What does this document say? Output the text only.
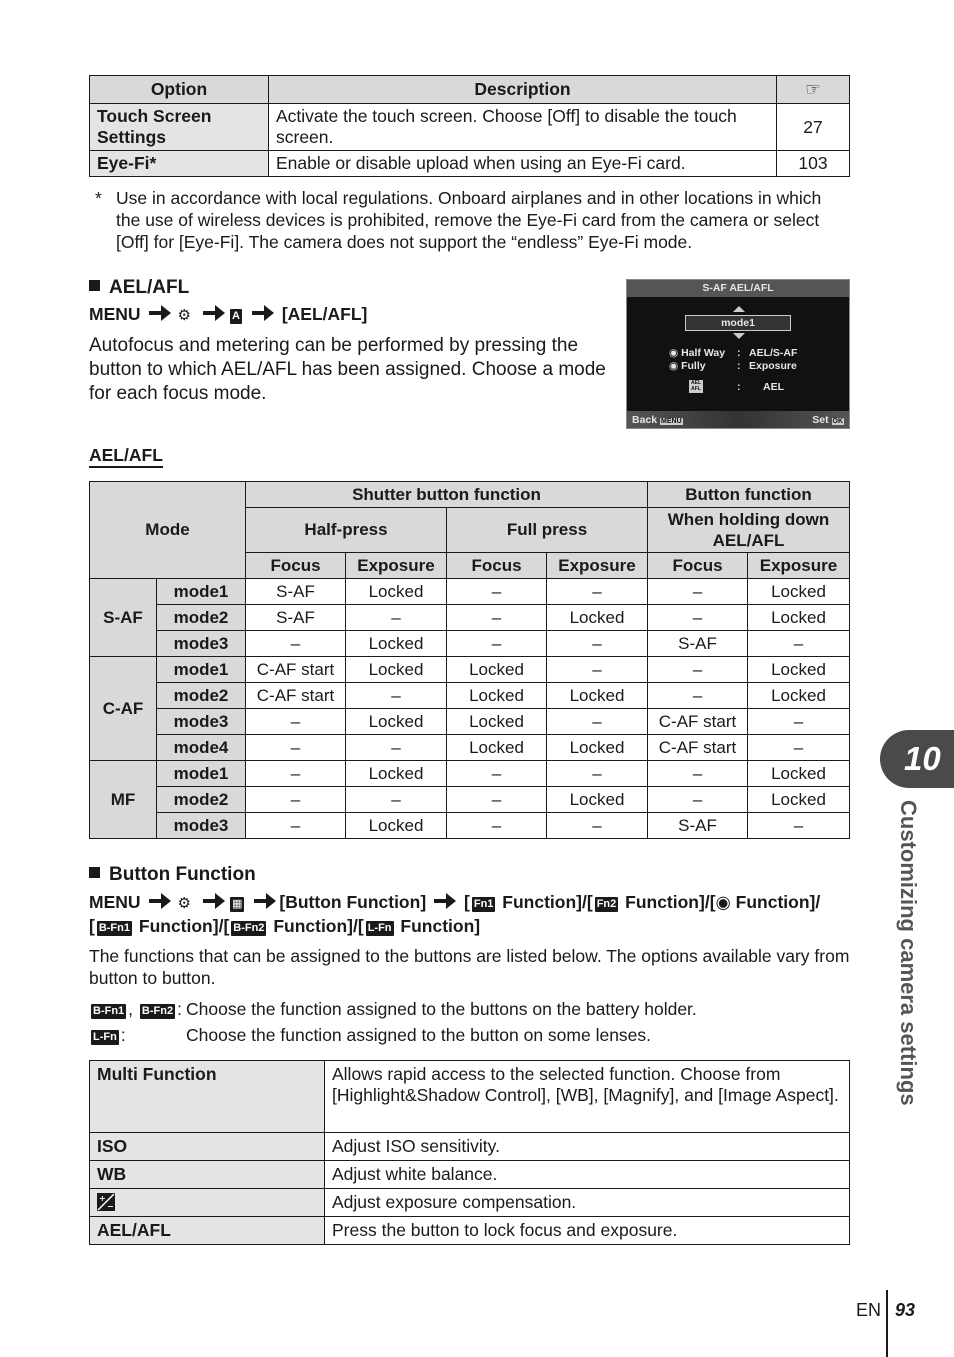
Option	Description	☞
Touch Screen Settings	Activate the touch screen. Choose [Off] to disable the touch screen.	27
Eye-Fi*	Enable or disable upload when using an Eye-Fi card.	103
* Use in accordance with local regulations. Onboard airplanes and in other locations in which the use of wireless devices is prohibited, remove the Eye-Fi card from the camera or select [Off] for [Eye-Fi]. The camera does not support the “endless” Eye-Fi mode.
AEL/AFL
MENU ⚙	A [AEL/AFL]
Autofocus and metering can be performed by pressing the button to which AEL/AFL has been assigned. Choose a mode for each focus mode.
S-AF AEL/AFL
mode1
◉ Half Way : AEL/S-AF
◉ Fully	: Exposure
AEL AFL	: AEL
Back MENU	Set OK
AEL/AFL
Mode		Shutter button function				Button function	
		Half-press		Full press		When holding down AEL/AFL	
		Focus	Exposure	Focus	Exposure	Focus	Exposure
S-AF	mode1	S-AF	Locked	–	–	–	Locked
	mode2	S-AF	–	–	Locked	–	Locked
	mode3	–	Locked	–	–	S-AF	–
C-AF	mode1	C-AF start	Locked	Locked	–	–	Locked
	mode2	C-AF start	–	Locked	Locked	–	Locked
	mode3	–	Locked	Locked	–	C-AF start	–
	mode4	–	–	Locked	Locked	C-AF start	–
MF	mode1	–	Locked	–	–	–	Locked
	mode2	–	–	–	Locked	–	Locked
	mode3	–	Locked	–	–	S-AF	–
Button Function
MENU ⚙	▦ [Button Function] [ Fn1 Function]/[ Fn2 Function]/[◉ Function]/
[ B-Fn1 Function]/[ B-Fn2 Function]/[ L-Fn Function]
The functions that can be assigned to the buttons are listed below. The options available vary from button to button.
B-Fn1 , B-Fn2 : Choose the function assigned to the buttons on the battery holder.
L-Fn :	Choose the function assigned to the button on some lenses.
Multi Function	Allows rapid access to the selected function. Choose from [Highlight&Shadow Control], [WB], [Magnify], and [Image Aspect].
ISO	Adjust ISO sensitivity.
WB	Adjust white balance.

+
−	Adjust exposure compensation.
AEL/AFL	Press the button to lock focus and exposure.
10
Customizing camera settings
EN 93
